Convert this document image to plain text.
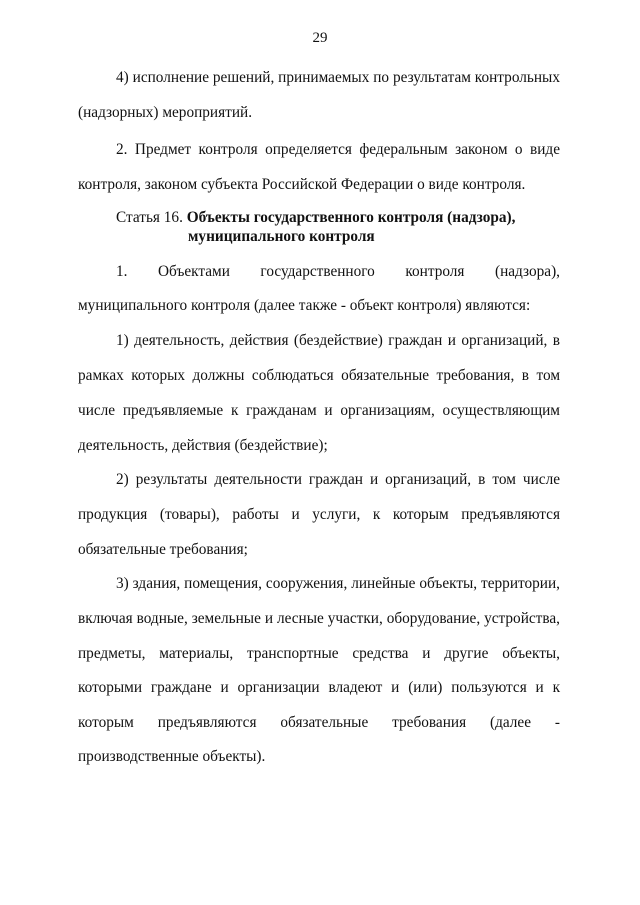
29
4) исполнение решений, принимаемых по результатам контрольных
(надзорных) мероприятий.
2. Предмет контроля определяется федеральным законом о виде
контроля, законом субъекта Российской Федерации о виде контроля.
Статья 16. Объекты государственного контроля (надзора),
муниципального контроля
1. Объектами государственного контроля (надзора),
муниципального контроля (далее также - объект контроля) являются:
1) деятельность, действия (бездействие) граждан и организаций, в
рамках которых должны соблюдаться обязательные требования, в том
числе предъявляемые к гражданам и организациям, осуществляющим
деятельность, действия (бездействие);
2) результаты деятельности граждан и организаций, в том числе
продукция (товары), работы и услуги, к которым предъявляются
обязательные требования;
3) здания, помещения, сооружения, линейные объекты, территории,
включая водные, земельные и лесные участки, оборудование, устройства,
предметы, материалы, транспортные средства и другие объекты,
которыми граждане и организации владеют и (или) пользуются и к
которым предъявляются обязательные требования (далее -
производственные объекты).
